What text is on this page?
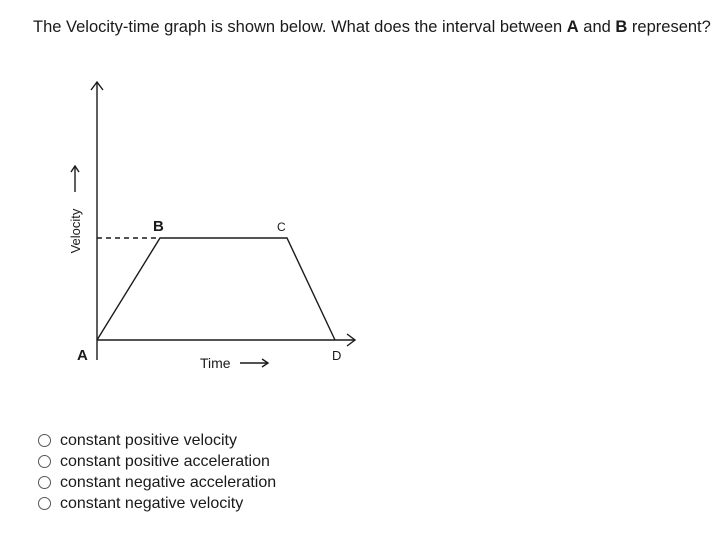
The Velocity-time graph is shown below. What does the interval between A and B represent?
Velocity
Time
A
B	C
D
constant positive velocity
constant positive acceleration
constant negative acceleration
constant negative velocity
